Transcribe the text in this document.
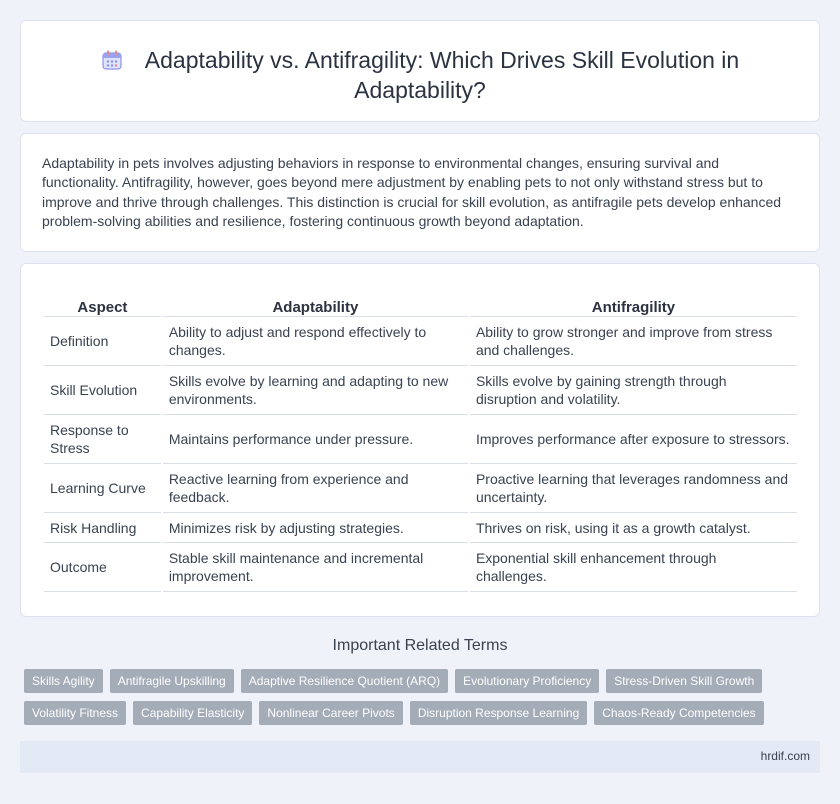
Adaptability vs. Antifragility: Which Drives Skill Evolution in Adaptability?

Adaptability in pets involves adjusting behaviors in response to environmental changes, ensuring survival and functionality. Antifragility, however, goes beyond mere adjustment by enabling pets to not only withstand stress but to improve and thrive through challenges. This distinction is crucial for skill evolution, as antifragile pets develop enhanced problem-solving abilities and resilience, fostering continuous growth beyond adaptation.

Aspect	Adaptability	Antifragility
Definition	Ability to adjust and respond effectively to changes.	Ability to grow stronger and improve from stress and challenges.
Skill Evolution	Skills evolve by learning and adapting to new environments.	Skills evolve by gaining strength through disruption and volatility.
Response to Stress	Maintains performance under pressure.	Improves performance after exposure to stressors.
Learning Curve	Reactive learning from experience and feedback.	Proactive learning that leverages randomness and uncertainty.
Risk Handling	Minimizes risk by adjusting strategies.	Thrives on risk, using it as a growth catalyst.
Outcome	Stable skill maintenance and incremental improvement.	Exponential skill enhancement through challenges.
Important Related Terms
Skills Agility	Antifragile Upskilling	Adaptive Resilience Quotient (ARQ)	Evolutionary Proficiency	Stress-Driven Skill Growth
Volatility Fitness	Capability Elasticity	Nonlinear Career Pivots	Disruption Response Learning	Chaos-Ready Competencies
hrdif.com
